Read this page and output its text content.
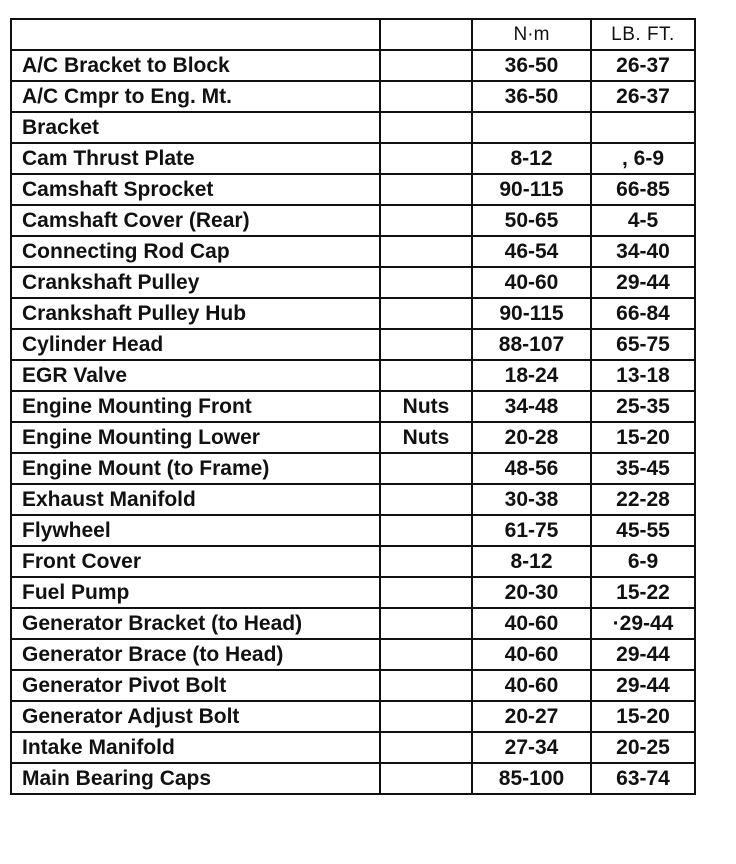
		N·m	LB. FT.
A/C Bracket to Block		36-50	26-37
A/C Cmpr to Eng. Mt.		36-50	26-37
Bracket			
Cam Thrust Plate		8-12	, 6-9
Camshaft Sprocket		90-115	66-85
Camshaft Cover (Rear)		50-65	4-5
Connecting Rod Cap		46-54	34-40
Crankshaft Pulley		40-60	29-44
Crankshaft Pulley Hub		90-115	66-84
Cylinder Head		88-107	65-75
EGR Valve		18-24	13-18
Engine Mounting Front	Nuts	34-48	25-35
Engine Mounting Lower	Nuts	20-28	15-20
Engine Mount (to Frame)		48-56	35-45
Exhaust Manifold		30-38	22-28
Flywheel		61-75	45-55
Front Cover		8-12	6-9
Fuel Pump		20-30	15-22
Generator Bracket (to Head)		40-60	·29-44
Generator Brace (to Head)		40-60	29-44
Generator Pivot Bolt		40-60	29-44
Generator Adjust Bolt		20-27	15-20
Intake Manifold		27-34	20-25
Main Bearing Caps		85-100	63-74
